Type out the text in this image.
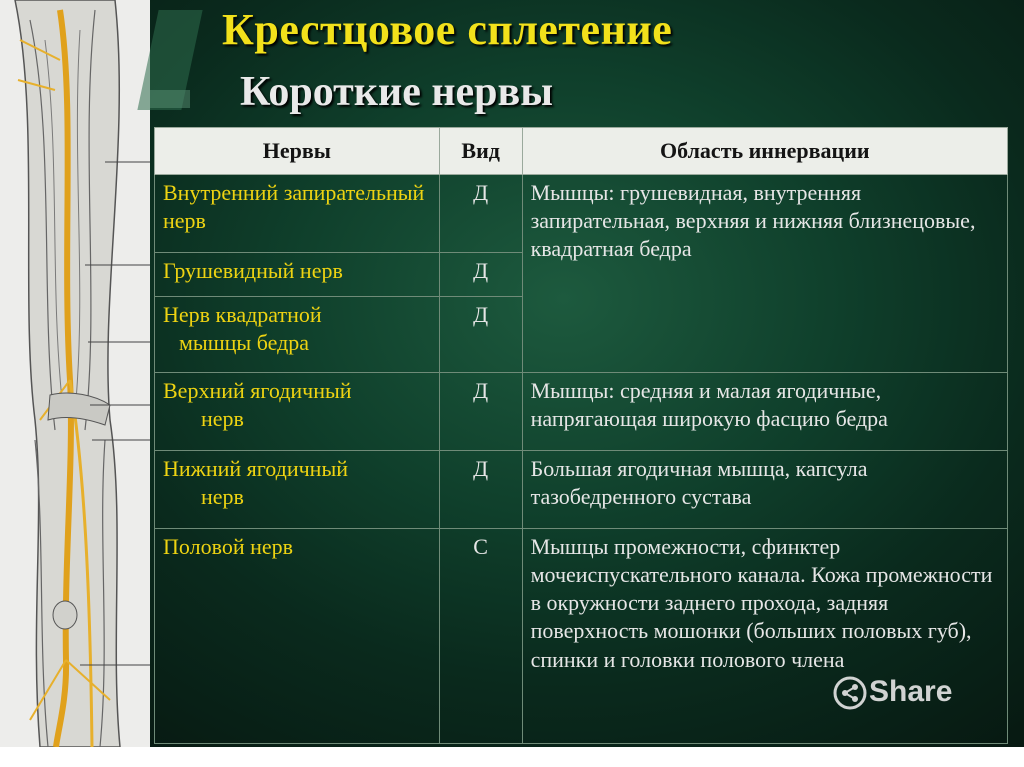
Крестцовое сплетение
Короткие нервы
Нервы	Вид	Область иннервации
Внутренний запирательный нерв	Д	Мышцы: грушевидная, внутренняя запирательная, верхняя и нижняя близнецовые, квадратная бедра
Грушевидный нерв	Д	
Нерв квадратной
мышцы бедра	Д	
Верхний ягодичный
нерв	Д	Мышцы: средняя и малая ягодичные, напрягающая широкую фасцию бедра
Нижний ягодичный
нерв	Д	Большая ягодичная мышца, капсула тазобедренного сустава
Половой нерв	С	Мышцы промежности, сфинктер мочеиспускательного канала. Кожа промежности в окружности заднего прохода, задняя поверхность мошонки (больших половых губ), спинки и головки полового члена
Share
